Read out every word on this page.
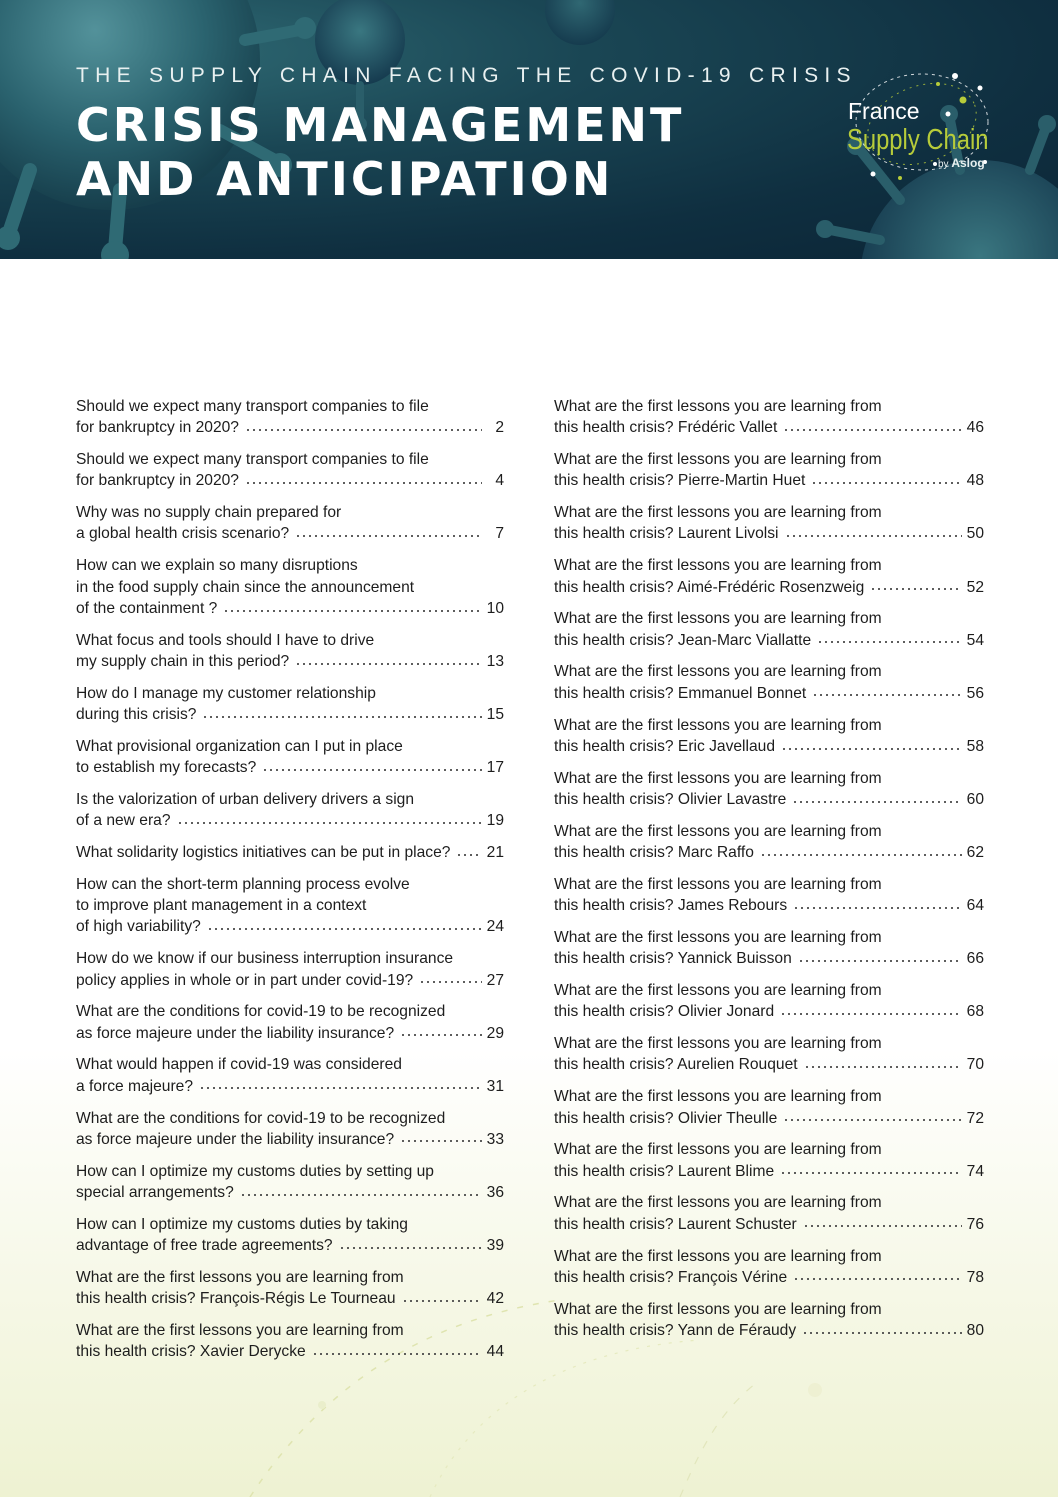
THE SUPPLY CHAIN FACING THE COVID-19 CRISIS
CRISIS MANAGEMENT
AND ANTICIPATION
France
Supply Chain
by Aslog
Should we expect many transport companies to file
for bankruptcy in 2020?	2
Should we expect many transport companies to file
for bankruptcy in 2020?	4
Why was no supply chain prepared for
a global health crisis scenario?	7
How can we explain so many disruptions
in the food supply chain since the announcement
of the containment ?	10
What focus and tools should I have to drive
my supply chain in this period?	13
How do I manage my customer relationship
during this crisis?	15
What provisional organization can I put in place
to establish my forecasts?	17
Is the valorization of urban delivery drivers a sign
of a new era?	19
What solidarity logistics initiatives can be put in place? 21
How can the short-term planning process evolve
to improve plant management in a context
of high variability?	24
How do we know if our business interruption insurance
policy applies in whole or in part under covid-19?	27
What are the conditions for covid-19 to be recognized
as force majeure under the liability insurance?	29
What would happen if covid-19 was considered
a force majeure?	31
What are the conditions for covid-19 to be recognized
as force majeure under the liability insurance?	33
How can I optimize my customs duties by setting up
special arrangements?	36
How can I optimize my customs duties by taking
advantage of free trade agreements?	39
What are the first lessons you are learning from
this health crisis? François-Régis Le Tourneau	42
What are the first lessons you are learning from
this health crisis? Xavier Derycke	44
What are the first lessons you are learning from
this health crisis? Frédéric Vallet	46
What are the first lessons you are learning from
this health crisis? Pierre-Martin Huet	48
What are the first lessons you are learning from
this health crisis? Laurent Livolsi	50
What are the first lessons you are learning from
this health crisis? Aimé-Frédéric Rosenzweig	52
What are the first lessons you are learning from
this health crisis? Jean-Marc Viallatte	54
What are the first lessons you are learning from
this health crisis? Emmanuel Bonnet	56
What are the first lessons you are learning from
this health crisis? Eric Javellaud	58
What are the first lessons you are learning from
this health crisis? Olivier Lavastre	60
What are the first lessons you are learning from
this health crisis? Marc Raffo	62
What are the first lessons you are learning from
this health crisis? James Rebours	64
What are the first lessons you are learning from
this health crisis? Yannick Buisson	66
What are the first lessons you are learning from
this health crisis? Olivier Jonard	68
What are the first lessons you are learning from
this health crisis? Aurelien Rouquet	70
What are the first lessons you are learning from
this health crisis? Olivier Theulle	72
What are the first lessons you are learning from
this health crisis? Laurent Blime	74
What are the first lessons you are learning from
this health crisis? Laurent Schuster	76
What are the first lessons you are learning from
this health crisis? François Vérine	78
What are the first lessons you are learning from
this health crisis? Yann de Féraudy	80
